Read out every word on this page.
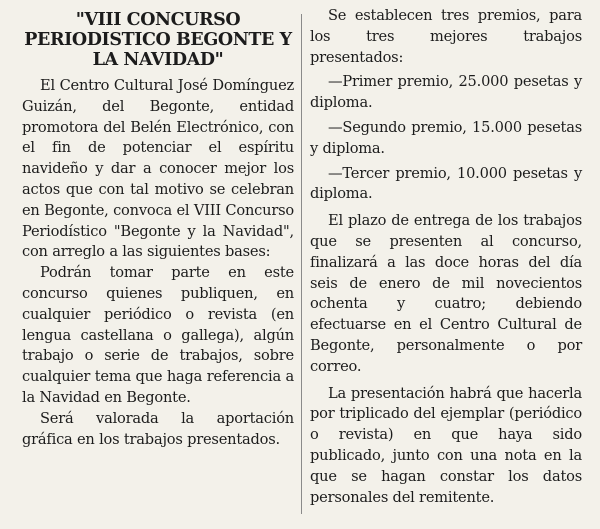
"VIII CONCURSO PERIODISTICO BEGONTE Y LA NAVIDAD"

El Centro Cultural José Domínguez Guizán, del Begonte, entidad promotora del Belén Electrónico, con el fin de potenciar el espíritu navideño y dar a conocer mejor los actos que con tal motivo se celebran en Begonte, convoca el VIII Concurso Periodístico "Begonte y la Navidad", con arreglo a las siguientes bases:

Podrán tomar parte en este concurso quienes publiquen, en cualquier periódico o revista (en lengua castellana o gallega), algún trabajo o serie de trabajos, sobre cualquier tema que haga referencia a la Navidad en Begonte.

Será valorada la aportación gráfica en los trabajos presentados.

Se establecen tres premios, para los tres mejores trabajos presentados:

—Primer premio, 25.000 pesetas y diploma.

—Segundo premio, 15.000 pesetas y diploma.

—Tercer premio, 10.000 pesetas y diploma.

El plazo de entrega de los trabajos que se presenten al concurso, finalizará a las doce horas del día seis de enero de mil novecientos ochenta y cuatro; debiendo efectuarse en el Centro Cultural de Begonte, personalmente o por correo.

La presentación habrá que hacerla por triplicado del ejemplar (periódico o revista) en que haya sido publicado, junto con una nota en la que se hagan constar los datos personales del remitente.
